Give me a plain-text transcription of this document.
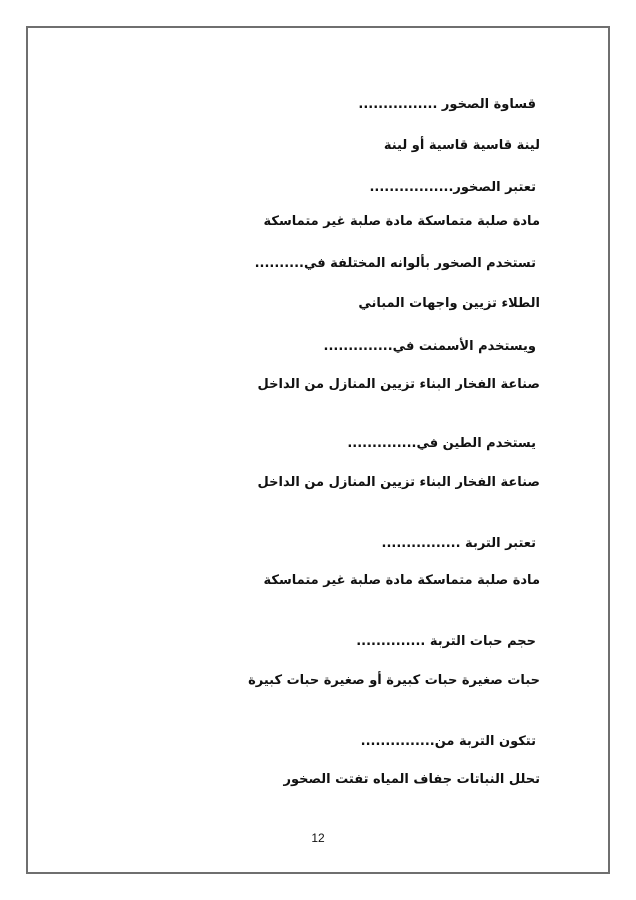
قساوة الصخور ................
لينة قاسية قاسية أو لينة
تعتبر الصخور.................
مادة صلبة متماسكة مادة صلبة غير متماسكة
تستخدم الصخور بألوانه المختلفة في..........
الطلاء تزيين واجهات المباني
ويستخدم الأسمنت في..............
صناعة الفخار البناء تزيين المنازل من الداخل
يستخدم الطين في..............
صناعة الفخار البناء تزيين المنازل من الداخل
تعتبر التربة ................
مادة صلبة متماسكة مادة صلبة غير متماسكة
حجم حبات التربة ..............
حبات صغيرة حبات كبيرة أو صغيرة حبات كبيرة
تتكون التربة من...............
تحلل النباتات جفاف المياه تفتت الصخور
12
